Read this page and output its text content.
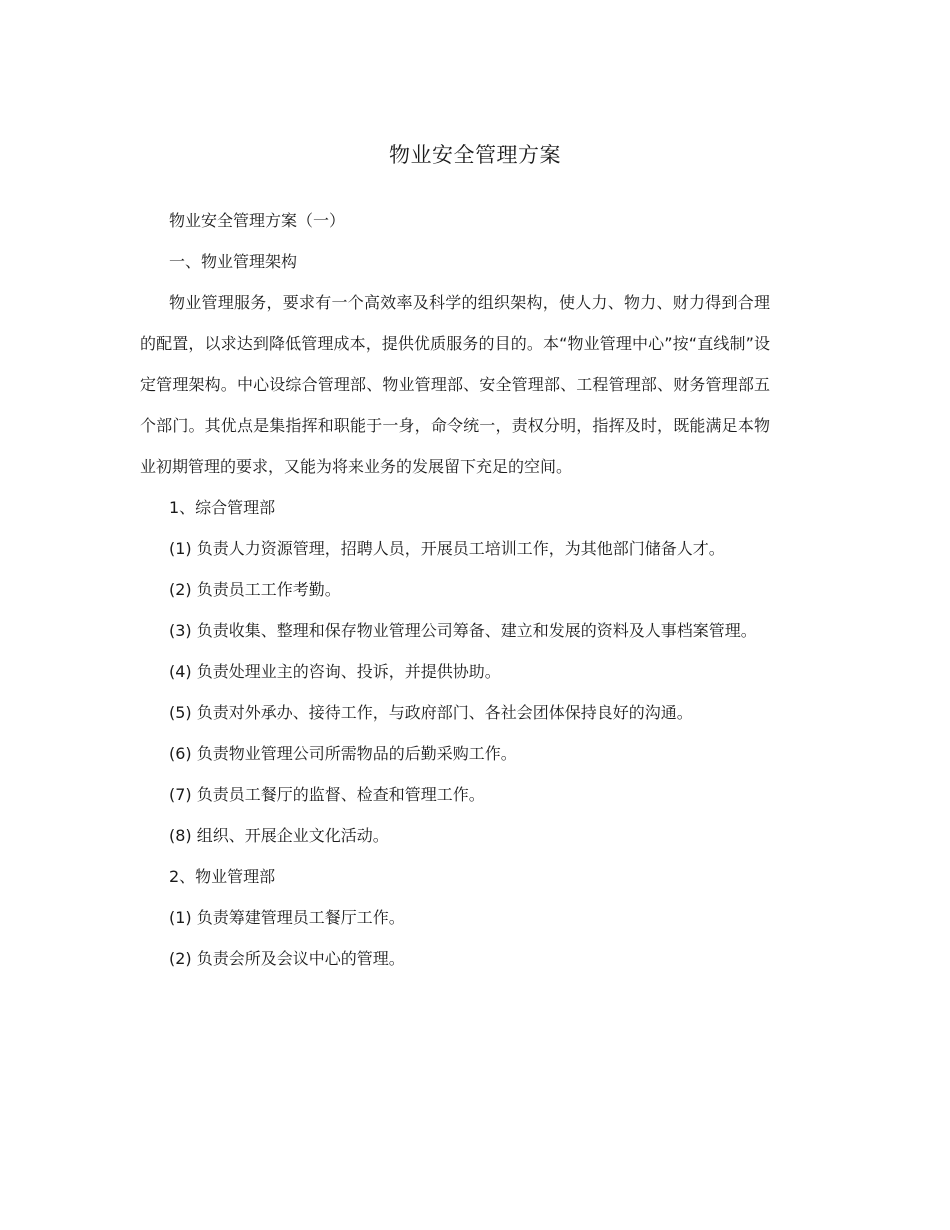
物业安全管理方案

物业安全管理方案（一）

一、物业管理架构

物业管理服务，要求有一个高效率及科学的组织架构，使人力、物力、财力得到合理的配置，以求达到降低管理成本，提供优质服务的目的。本“物业管理中心”按“直线制”设定管理架构。中心设综合管理部、物业管理部、安全管理部、工程管理部、财务管理部五个部门。其优点是集指挥和职能于一身，命令统一，责权分明，指挥及时，既能满足本物业初期管理的要求，又能为将来业务的发展留下充足的空间。

1、综合管理部

(1) 负责人力资源管理，招聘人员，开展员工培训工作，为其他部门储备人才。

(2) 负责员工工作考勤。

(3) 负责收集、整理和保存物业管理公司筹备、建立和发展的资料及人事档案管理。

(4) 负责处理业主的咨询、投诉，并提供协助。

(5) 负责对外承办、接待工作，与政府部门、各社会团体保持良好的沟通。

(6) 负责物业管理公司所需物品的后勤采购工作。

(7) 负责员工餐厅的监督、检查和管理工作。

(8) 组织、开展企业文化活动。

2、物业管理部

(1) 负责筹建管理员工餐厅工作。

(2) 负责会所及会议中心的管理。
